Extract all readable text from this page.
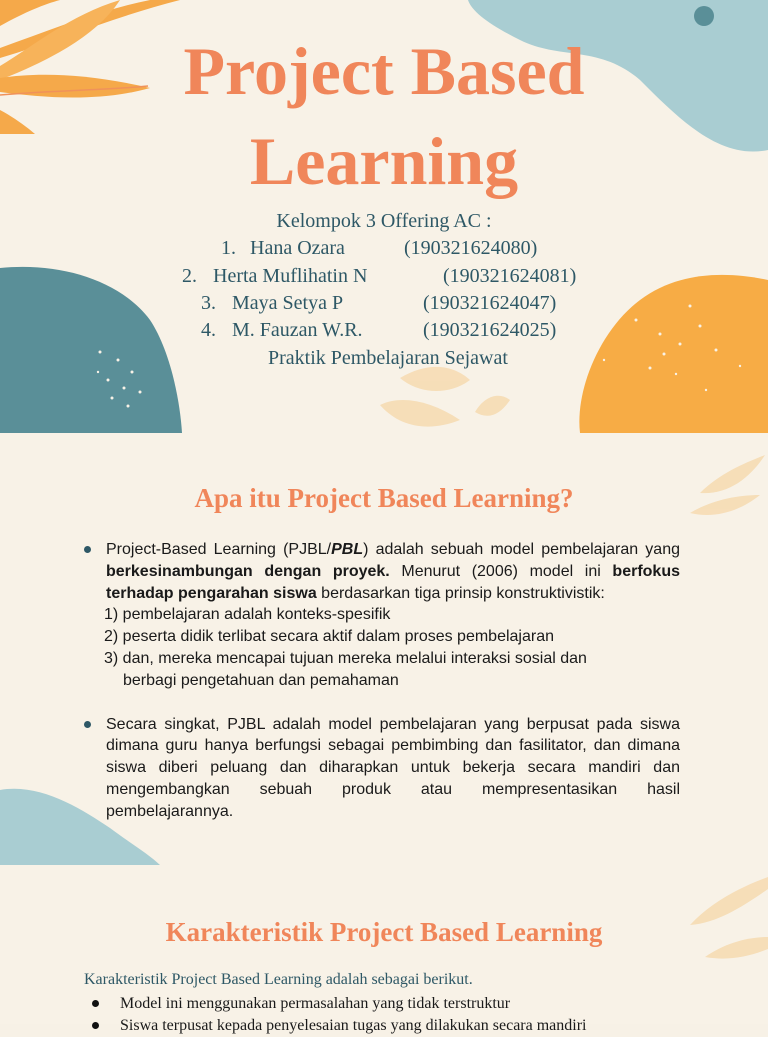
Project Based
Learning
Kelompok 3 Offering AC :
1. Hana Ozara	(190321624080)
2. Herta Muflihatin N	(190321624081)
3. Maya Setya P	(190321624047)
4. M. Fauzan W.R.	(190321624025)
Praktik Pembelajaran Sejawat
Apa itu Project Based Learning?
Project-Based Learning (PJBL/PBL) adalah sebuah model pembelajaran yang berkesinambungan dengan proyek. Menurut (2006) model ini berfokus terhadap pengarahan siswa berdasarkan tiga prinsip konstruktivistik:
1) pembelajaran adalah konteks-spesifik
2) peserta didik terlibat secara aktif dalam proses pembelajaran
3) dan, mereka mencapai tujuan mereka melalui interaksi sosial dan
berbagi pengetahuan dan pemahaman
Secara singkat, PJBL adalah model pembelajaran yang berpusat pada siswa dimana guru hanya berfungsi sebagai pembimbing dan fasilitator, dan dimana siswa diberi peluang dan diharapkan untuk bekerja secara mandiri dan mengembangkan sebuah produk atau mempresentasikan hasil pembelajarannya.
Karakteristik Project Based Learning
Karakteristik Project Based Learning adalah sebagai berikut.
Model ini menggunakan permasalahan yang tidak terstruktur
Siswa terpusat kepada penyelesaian tugas yang dilakukan secara mandiri
